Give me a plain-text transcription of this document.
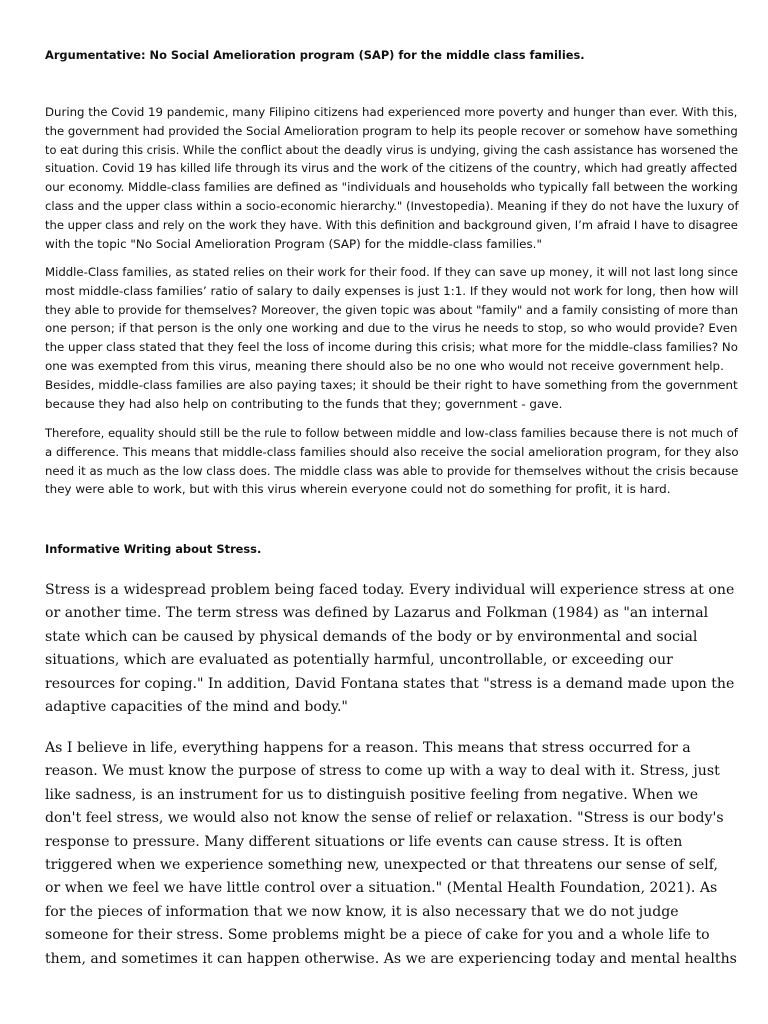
Argumentative: No Social Amelioration program (SAP) for the middle class families.
During the Covid 19 pandemic, many Filipino citizens had experienced more poverty and hunger than ever. With this,
the government had provided the Social Amelioration program to help its people recover or somehow have something
to eat during this crisis. While the conflict about the deadly virus is undying, giving the cash assistance has worsened the
situation. Covid 19 has killed life through its virus and the work of the citizens of the country, which had greatly affected
our economy. Middle-class families are defined as "individuals and households who typically fall between the working
class and the upper class within a socio-economic hierarchy." (Investopedia). Meaning if they do not have the luxury of
the upper class and rely on the work they have. With this definition and background given, I’m afraid I have to disagree
with the topic "No Social Amelioration Program (SAP) for the middle-class families."
Middle-Class families, as stated relies on their work for their food. If they can save up money, it will not last long since
most middle-class families’ ratio of salary to daily expenses is just 1:1. If they would not work for long, then how will
they able to provide for themselves? Moreover, the given topic was about "family" and a family consisting of more than
one person; if that person is the only one working and due to the virus he needs to stop, so who would provide? Even
the upper class stated that they feel the loss of income during this crisis; what more for the middle-class families? No
one was exempted from this virus, meaning there should also be no one who would not receive government help.
Besides, middle-class families are also paying taxes; it should be their right to have something from the government
because they had also help on contributing to the funds that they; government - gave.
Therefore, equality should still be the rule to follow between middle and low-class families because there is not much of
a difference. This means that middle-class families should also receive the social amelioration program, for they also
need it as much as the low class does. The middle class was able to provide for themselves without the crisis because
they were able to work, but with this virus wherein everyone could not do something for profit, it is hard.
Informative Writing about Stress.
Stress is a widespread problem being faced today. Every individual will experience stress at one
or another time. The term stress was defined by Lazarus and Folkman (1984) as "an internal
state which can be caused by physical demands of the body or by environmental and social
situations, which are evaluated as potentially harmful, uncontrollable, or exceeding our
resources for coping." In addition, David Fontana states that "stress is a demand made upon the
adaptive capacities of the mind and body."
As I believe in life, everything happens for a reason. This means that stress occurred for a
reason. We must know the purpose of stress to come up with a way to deal with it. Stress, just
like sadness, is an instrument for us to distinguish positive feeling from negative. When we
don't feel stress, we would also not know the sense of relief or relaxation. "Stress is our body's
response to pressure. Many different situations or life events can cause stress. It is often
triggered when we experience something new, unexpected or that threatens our sense of self,
or when we feel we have little control over a situation." (Mental Health Foundation, 2021). As
for the pieces of information that we now know, it is also necessary that we do not judge
someone for their stress. Some problems might be a piece of cake for you and a whole life to
them, and sometimes it can happen otherwise. As we are experiencing today and mental healths
